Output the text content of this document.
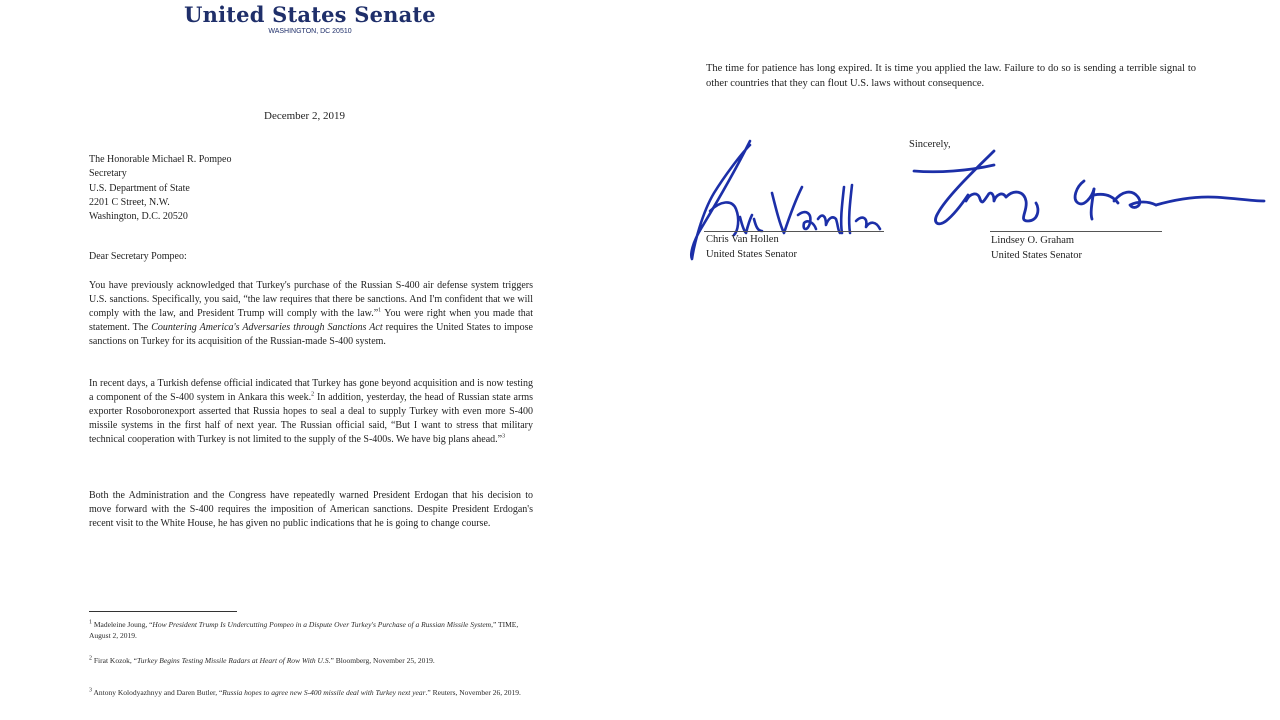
United States Senate
WASHINGTON, DC 20510
December 2, 2019
The Honorable Michael R. Pompeo
Secretary
U.S. Department of State
2201 C Street, N.W.
Washington, D.C. 20520
Dear Secretary Pompeo:

You have previously acknowledged that Turkey's purchase of the Russian S-400 air defense system triggers U.S. sanctions. Specifically, you said, “the law requires that there be sanctions. And I'm confident that we will comply with the law, and President Trump will comply with the law.”$^1$ You were right when you made that statement. The Countering America's Adversaries through Sanctions Act requires the United States to impose sanctions on Turkey for its acquisition of the Russian-made S-400 system.

In recent days, a Turkish defense official indicated that Turkey has gone beyond acquisition and is now testing a component of the S-400 system in Ankara this week.$^2$ In addition, yesterday, the head of Russian state arms exporter Rosoboronexport asserted that Russia hopes to seal a deal to supply Turkey with even more S-400 missile systems in the first half of next year. The Russian official said, “But I want to stress that military technical cooperation with Turkey is not limited to the supply of the S-400s. We have big plans ahead.”$^3$

Both the Administration and the Congress have repeatedly warned President Erdogan that his decision to move forward with the S-400 requires the imposition of American sanctions. Despite President Erdogan's recent visit to the White House, he has given no public indications that he is going to change course.

$^1$ Madeleine Joung, “How President Trump Is Undercutting Pompeo in a Dispute Over Turkey's Purchase of a Russian Missile System,” TIME, August 2, 2019.
$^2$ Firat Kozok, “Turkey Begins Testing Missile Radars at Heart of Row With U.S.” Bloomberg, November 25, 2019.
$^3$ Antony Kolodyazhnyy and Daren Butler, “Russia hopes to agree new S-400 missile deal with Turkey next year.” Reuters, November 26, 2019.
The time for patience has long expired. It is time you applied the law. Failure to do so is sending a terrible signal to other countries that they can flout U.S. laws without consequence.
Sincerely,
Chris Van Hollen
United States Senator
Lindsey O. Graham
United States Senator
